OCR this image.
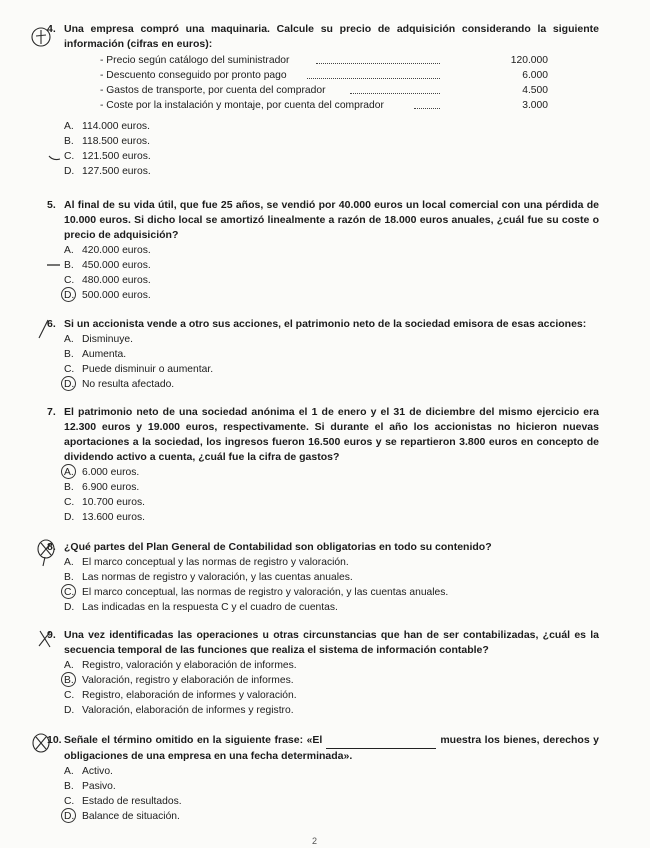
4. Una empresa compró una maquinaria. Calcule su precio de adquisición considerando la siguiente información (cifras en euros):
- Precio según catálogo del suministrador	120.000
- Descuento conseguido por pronto pago	6.000
- Gastos de transporte, por cuenta del comprador	4.500
- Coste por la instalación y montaje, por cuenta del comprador	3.000
A. 114.000 euros.
B. 118.500 euros.
C. 121.500 euros.
D. 127.500 euros.
5. Al final de su vida útil, que fue 25 años, se vendió por 40.000 euros un local comercial con una pérdida de 10.000 euros. Si dicho local se amortizó linealmente a razón de 18.000 euros anuales, ¿cuál fue su coste o precio de adquisición?
A. 420.000 euros.
B. 450.000 euros.
C. 480.000 euros.
D. 500.000 euros.
6. Si un accionista vende a otro sus acciones, el patrimonio neto de la sociedad emisora de esas acciones:
A. Disminuye.
B. Aumenta.
C. Puede disminuir o aumentar.
D. No resulta afectado.
7. El patrimonio neto de una sociedad anónima el 1 de enero y el 31 de diciembre del mismo ejercicio era 12.300 euros y 19.000 euros, respectivamente. Si durante el año los accionistas no hicieron nuevas aportaciones a la sociedad, los ingresos fueron 16.500 euros y se repartieron 3.800 euros en concepto de dividendo activo a cuenta, ¿cuál fue la cifra de gastos?
A. 6.000 euros.
B. 6.900 euros.
C. 10.700 euros.
D. 13.600 euros.
8. ¿Qué partes del Plan General de Contabilidad son obligatorias en todo su contenido?
A. El marco conceptual y las normas de registro y valoración.
B. Las normas de registro y valoración, y las cuentas anuales.
C. El marco conceptual, las normas de registro y valoración, y las cuentas anuales.
D. Las indicadas en la respuesta C y el cuadro de cuentas.
9. Una vez identificadas las operaciones u otras circunstancias que han de ser contabilizadas, ¿cuál es la secuencia temporal de las funciones que realiza el sistema de información contable?
A. Registro, valoración y elaboración de informes.
B. Valoración, registro y elaboración de informes.
C. Registro, elaboración de informes y valoración.
D. Valoración, elaboración de informes y registro.
10. Señale el término omitido en la siguiente frase: «El	muestra los bienes, derechos y obligaciones de una empresa en una fecha determinada».
A. Activo.
B. Pasivo.
C. Estado de resultados.
D. Balance de situación.
2
